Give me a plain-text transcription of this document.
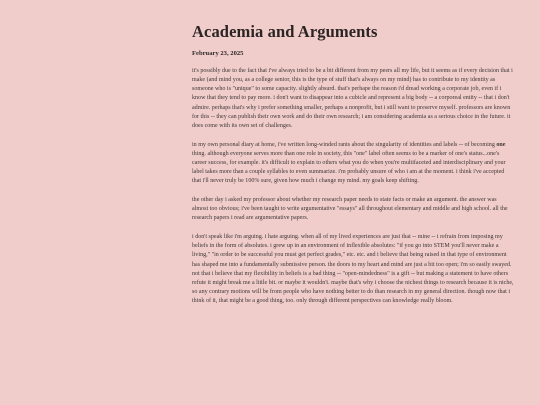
Academia and Arguments
February 23, 2025

it's possibly due to the fact that i've always tried to be a bit different from my peers all my life, but it seems as if every decision that i make (and mind you, as a college senior, this is the type of stuff that's always on my mind) has to contribute to my identity as someone who is "unique" to some capacity. slightly absurd. that's perhape the reason i'd dread working a corporate job, even if i know that they tend to pay more. i don't want to disappear into a cubicle and represent a big body -- a corporeal entity -- that i don't admire. perhaps that's why i prefer something smaller, perhaps a nonprofit, but i still want to preserve myself. professors are known for this -- they can publish their own work and do their own research; i am considering academia as a serious choice in the future. it does come with its own set of challenges.

in my own personal diary at home, i've written long-winded rants about the singularity of identities and labels -- of becoming one thing. although everyone serves more than one role in society, this "one" label often seems to be a marker of one's status...one's career success, for example. it's difficult to explain to others what you do when you're multifaceted and interdisciplinary and your label takes more than a couple syllables to even summarize. i'm probably unsure of who i am at the moment. i think i've accepted that i'll never truly be 100% sure, given how much i change my mind. my goals keep shifting.

the other day i asked my professor about whether my research paper needs to state facts or make an argument. the answer was almost too obvious; i've been taught to write argumentative "essays" all throughout elementary and middle and high school. all the research papers i read are argumentative papers.

i don't speak like i'm arguing. i hate arguing. when all of my lived experiences are just that -- mine -- i refrain from imposing my beliefs in the form of absolutes. i grew up in an environment of inflexible absolutes: "if you go into STEM you'll never make a living," "in order to be successful you must get perfect grades," etc. etc. and i believe that being raised in that type of environment has shaped me into a fundamentally submissive person. the doors to my heart and mind are just a bit too open; i'm so easily swayed. not that i believe that my flexibility in beliefs is a bad thing -- "open-mindedness" is a gift -- but making a statement to have others refute it might break me a little bit. or maybe it wouldn't. maybe that's why i choose the nichest things to research because it is niche, so any contrary motions will be from people who have nothing better to do than research in my general direction. though now that i think of it, that might be a good thing, too. only through different perspectives can knowledge really bloom.
